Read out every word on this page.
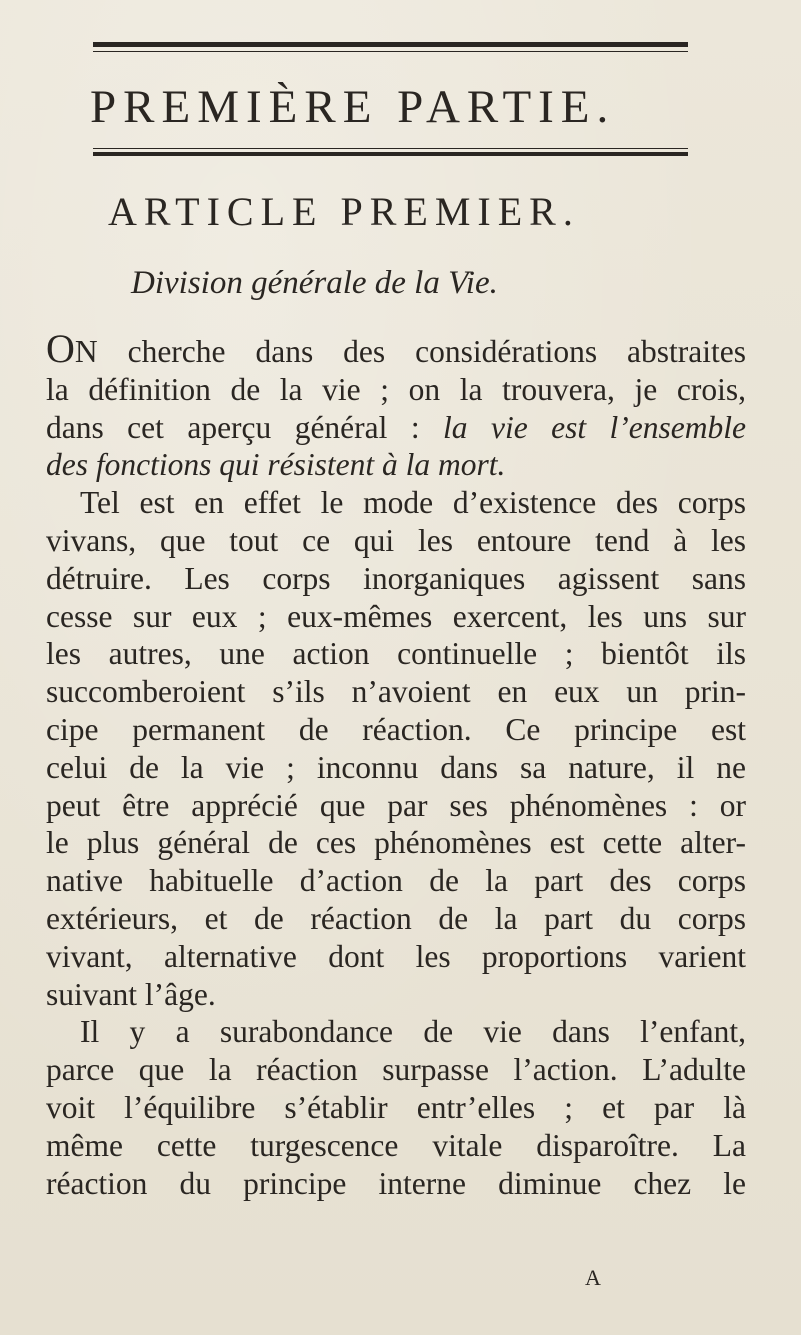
PREMIÈRE PARTIE.
ARTICLE PREMIER.
Division générale de la Vie.
ON cherche dans des considérations abstraites
la définition de la vie ; on la trouvera, je crois,
dans cet aperçu général : la vie est l’ensemble
des fonctions qui résistent à la mort.
Tel est en effet le mode d’existence des corps
vivans, que tout ce qui les entoure tend à les
détruire. Les corps inorganiques agissent sans
cesse sur eux ; eux-mêmes exercent, les uns sur
les autres, une action continuelle ; bientôt ils
succomberoient s’ils n’avoient en eux un prin-
cipe permanent de réaction. Ce principe est
celui de la vie ; inconnu dans sa nature, il ne
peut être apprécié que par ses phénomènes : or
le plus général de ces phénomènes est cette alter-
native habituelle d’action de la part des corps
extérieurs, et de réaction de la part du corps
vivant, alternative dont les proportions varient
suivant l’âge.
Il y a surabondance de vie dans l’enfant,
parce que la réaction surpasse l’action. L’adulte
voit l’équilibre s’établir entr’elles ; et par là
même cette turgescence vitale disparoître. La
réaction du principe interne diminue chez le
A
